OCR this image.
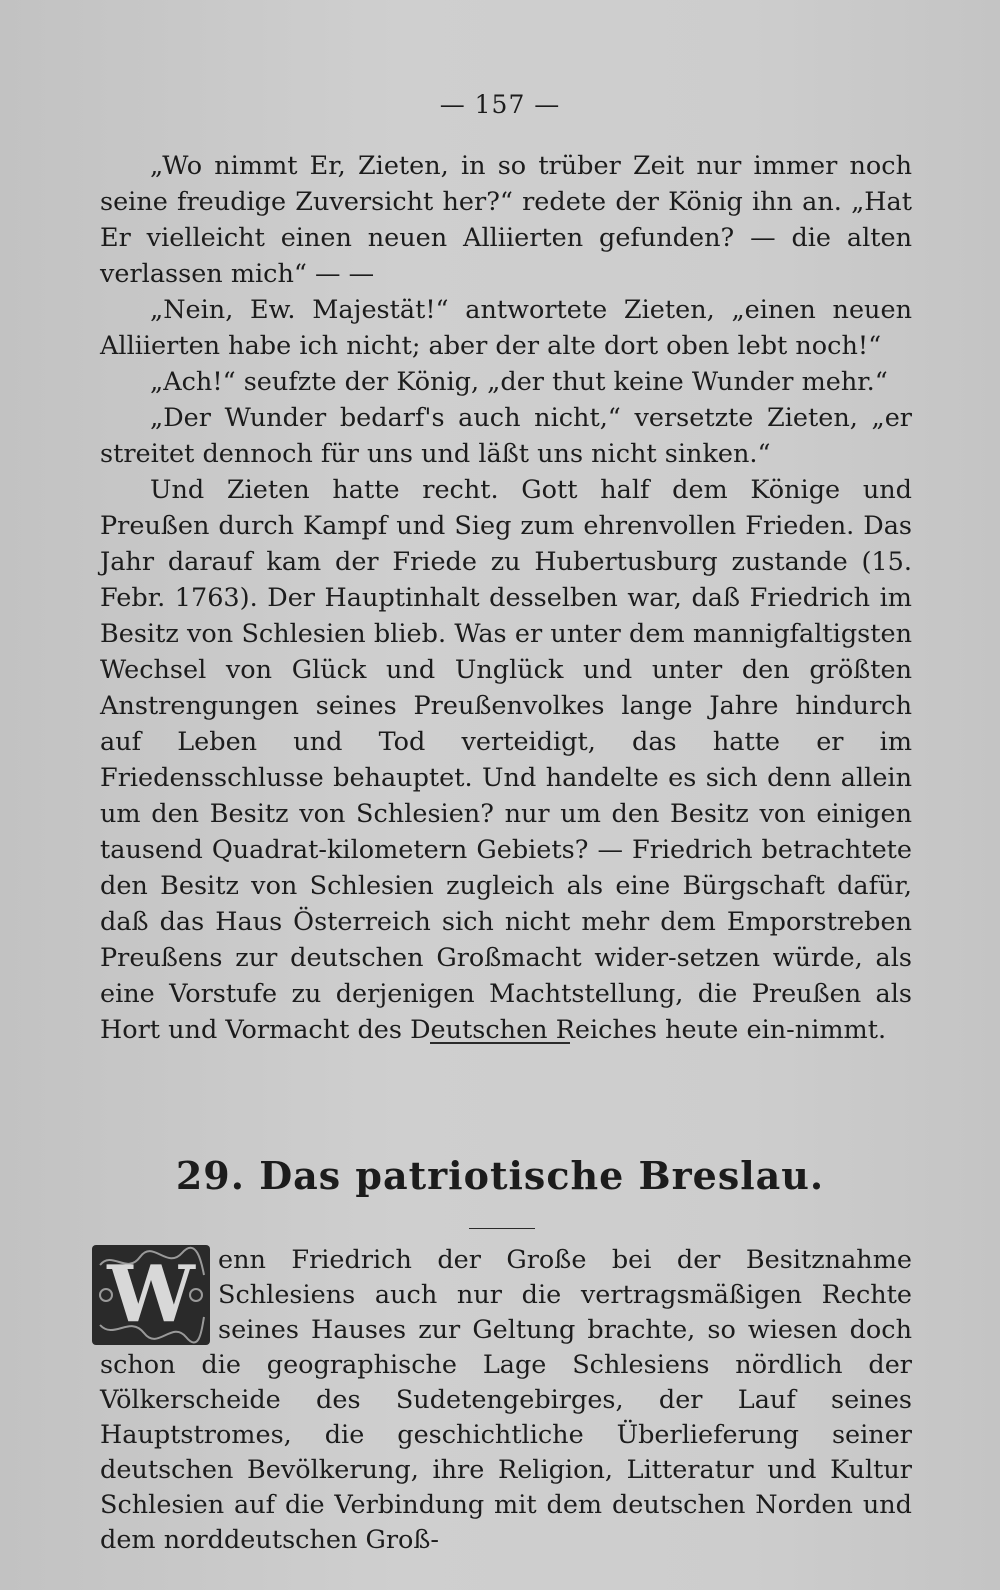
— 157 —

„Wo nimmt Er, Zieten, in so trüber Zeit nur immer noch seine freudige Zuversicht her?“ redete der König ihn an. „Hat Er vielleicht einen neuen Alliierten gefunden? — die alten verlassen mich“ — —

„Nein, Ew. Majestät!“ antwortete Zieten, „einen neuen Alliierten habe ich nicht; aber der alte dort oben lebt noch!“

„Ach!“ seufzte der König, „der thut keine Wunder mehr.“

„Der Wunder bedarf's auch nicht,“ versetzte Zieten, „er streitet dennoch für uns und läßt uns nicht sinken.“

Und Zieten hatte recht. Gott half dem Könige und Preußen durch Kampf und Sieg zum ehrenvollen Frieden. Das Jahr darauf kam der Friede zu Hubertusburg zustande (15. Febr. 1763). Der Hauptinhalt desselben war, daß Friedrich im Besitz von Schlesien blieb. Was er unter dem mannigfaltigsten Wechsel von Glück und Unglück und unter den größten Anstrengungen seines Preußenvolkes lange Jahre hindurch auf Leben und Tod verteidigt, das hatte er im Friedensschlusse behauptet. Und handelte es sich denn allein um den Besitz von Schlesien? nur um den Besitz von einigen tausend Quadrat-kilometern Gebiets? — Friedrich betrachtete den Besitz von Schlesien zugleich als eine Bürgschaft dafür, daß das Haus Österreich sich nicht mehr dem Emporstreben Preußens zur deutschen Großmacht wider-setzen würde, als eine Vorstufe zu derjenigen Machtstellung, die Preußen als Hort und Vormacht des Deutschen Reiches heute ein-nimmt.

29. Das patriotische Breslau.
W enn Friedrich der Große bei der Besitznahme Schlesiens auch nur die vertragsmäßigen Rechte seines Hauses zur Geltung brachte, so wiesen doch schon die geographische Lage Schlesiens nördlich der Völkerscheide des Sudetengebirges, der Lauf seines Hauptstromes, die geschichtliche Überlieferung seiner deutschen Bevölkerung, ihre Religion, Litteratur und Kultur Schlesien auf die Verbindung mit dem deutschen Norden und dem norddeutschen Groß-
